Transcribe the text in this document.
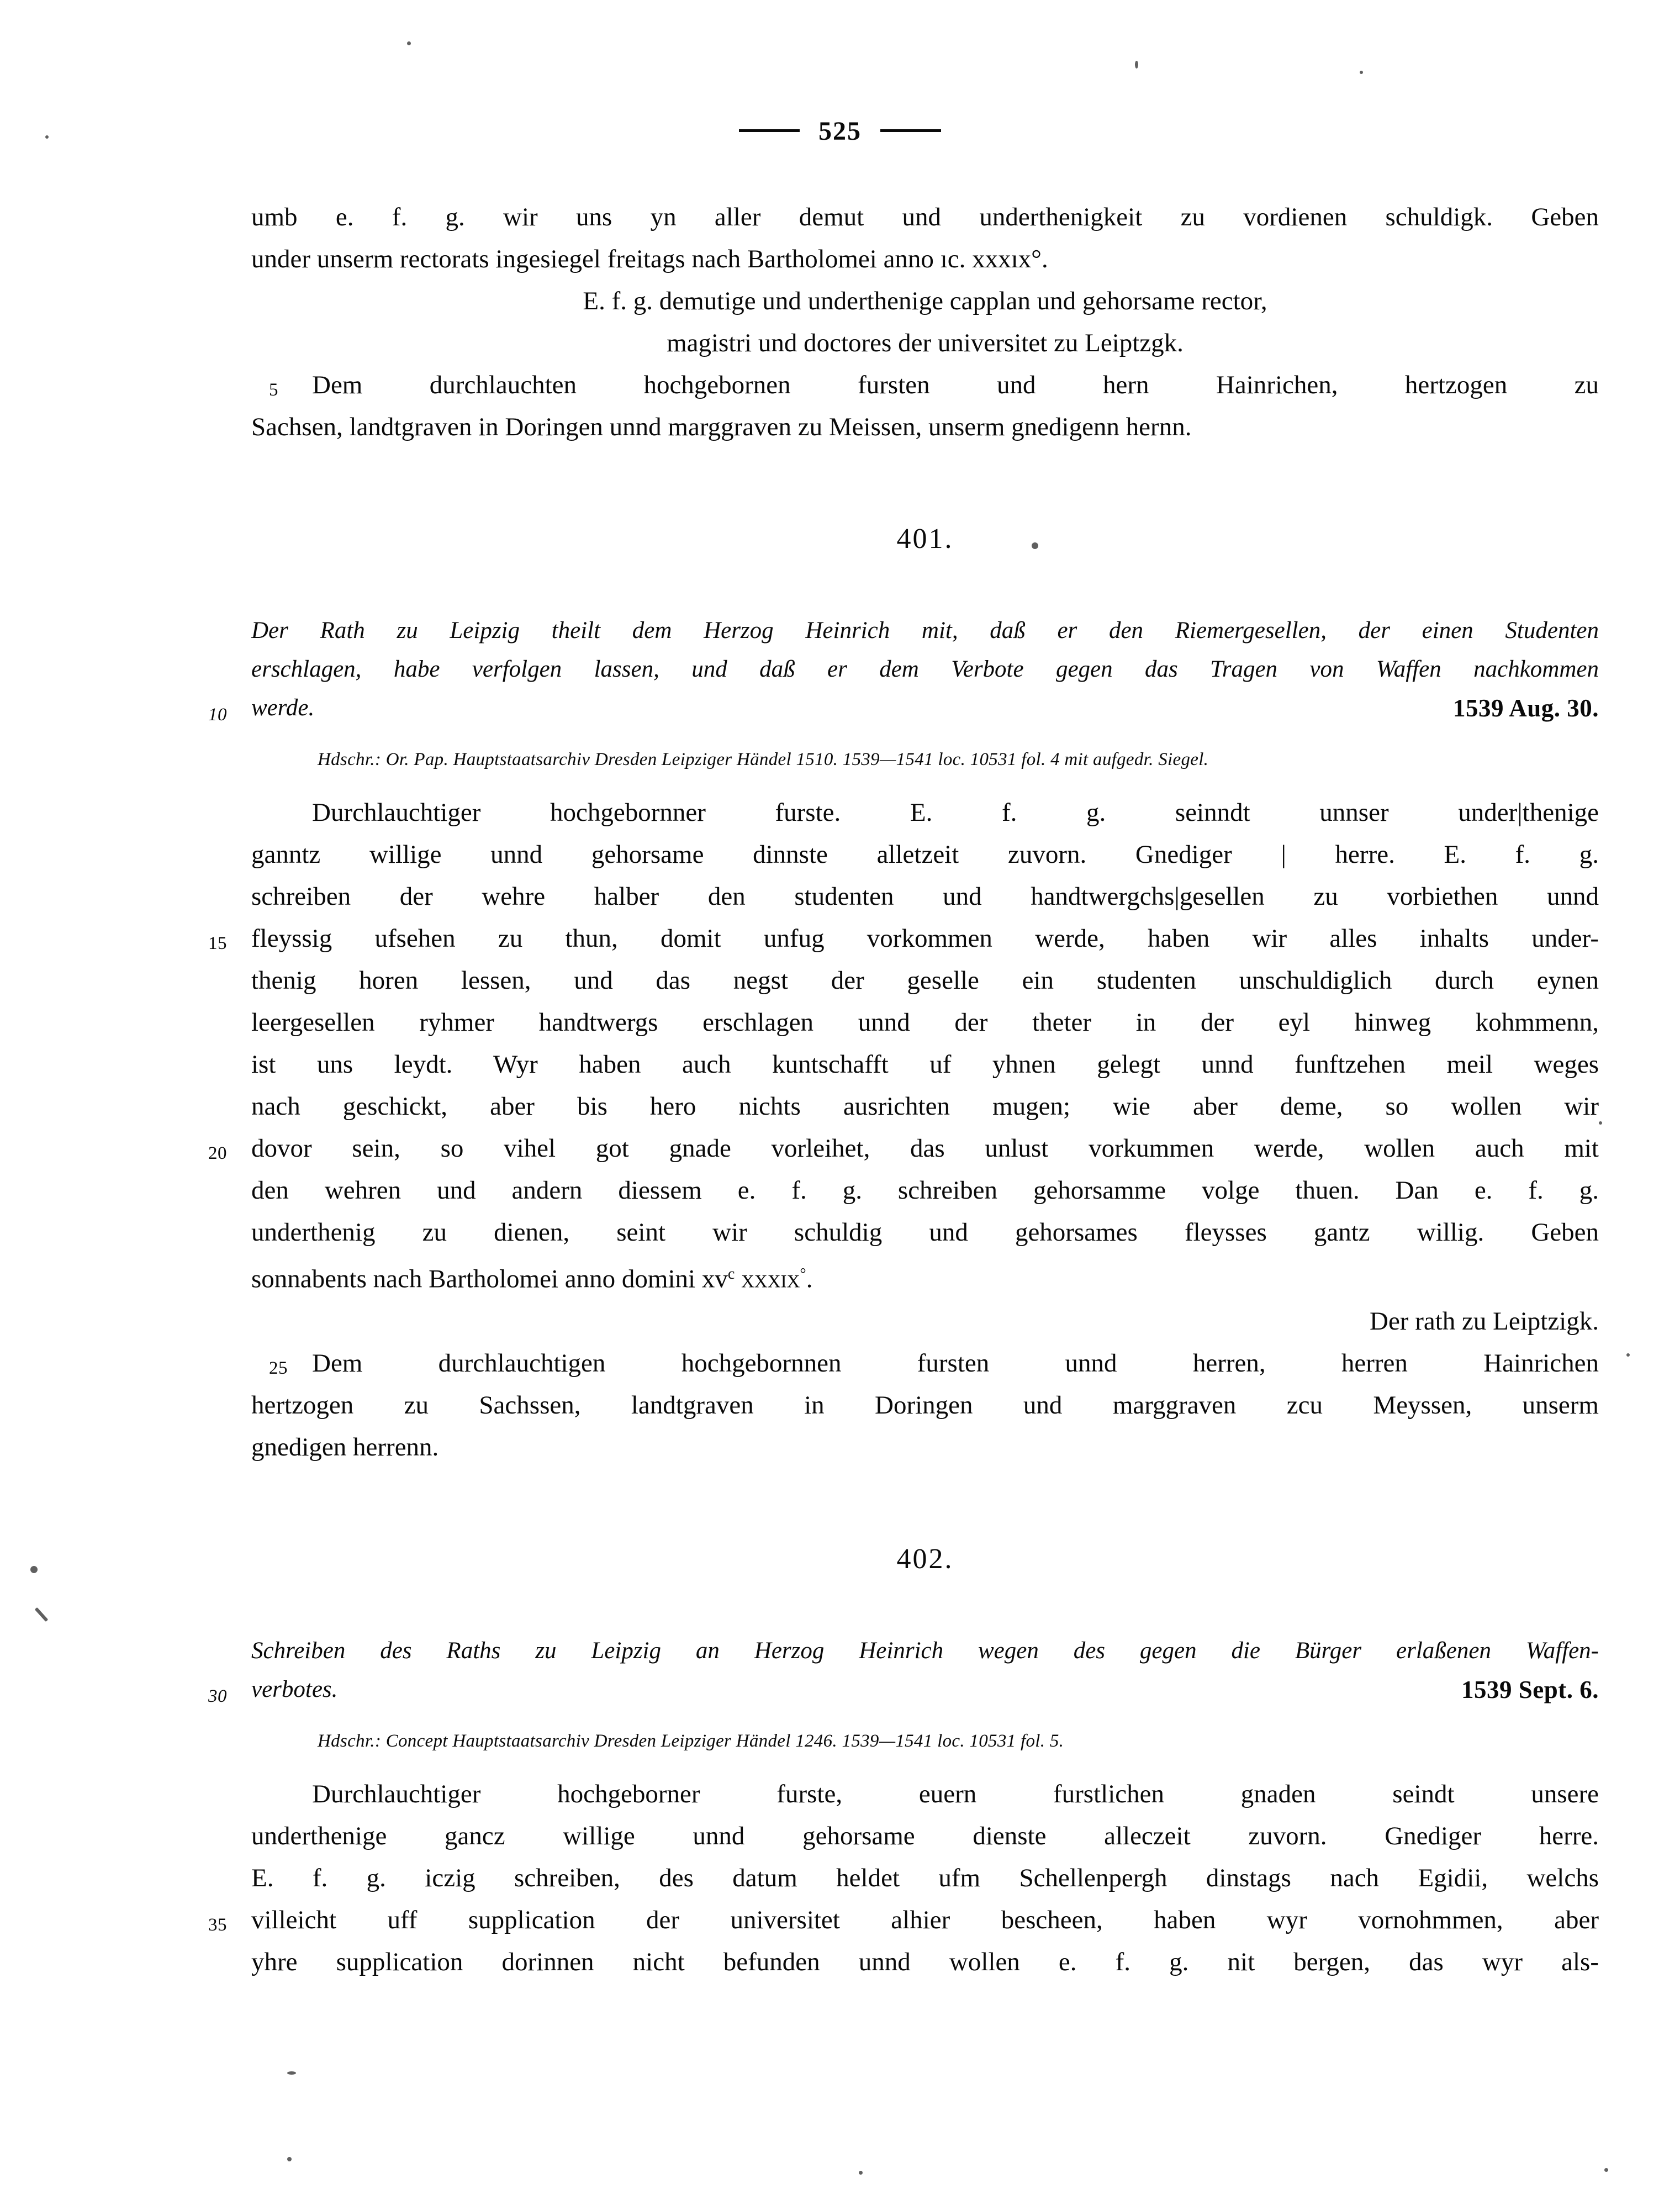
525
umb e. f. g. wir uns yn aller demut und underthenigkeit zu vordienen schuldigk. Geben
under unserm rectorats ingesiegel freitags nach Bartholomei anno ıc. xxxıx°.
E. f. g. demutige und underthenige capplan und gehorsame rector,
magistri und doctores der universitet zu Leiptzgk.
5 Dem durchlauchten hochgebornen fursten und hern Hainrichen, hertzogen zu
Sachsen, landtgraven in Doringen unnd marggraven zu Meissen, unserm gnedigenn hernn.
401.
Der Rath zu Leipzig theilt dem Herzog Heinrich mit, daß er den Riemergesellen, der einen Studenten
erschlagen, habe verfolgen lassen, und daß er dem Verbote gegen das Tragen von Waffen nachkommen
10 werde.	1539 Aug. 30.
Hdschr.: Or. Pap. Hauptstaatsarchiv Dresden Leipziger Händel 1510. 1539—1541 loc. 10531 fol. 4 mit aufgedr. Siegel.
Durchlauchtiger hochgebornner furste. E. f. g. seinndt unnser under|thenige
ganntz willige unnd gehorsame dinnste alletzeit zuvorn. Gnediger | herre. E. f. g.
schreiben der wehre halber den studenten und handtwergchs|gesellen zu vorbiethen unnd
15 fleyssig ufsehen zu thun, domit unfug vorkommen werde, haben wir alles inhalts under-
thenig horen lessen, und das negst der geselle ein studenten unschuldiglich durch eynen
leergesellen ryhmer handtwergs erschlagen unnd der theter in der eyl hinweg kohmmenn,
ist uns leydt. Wyr haben auch kuntschafft uf yhnen gelegt unnd funftzehen meil weges
nach geschickt, aber bis hero nichts ausrichten mugen; wie aber deme, so wollen wir
20 dovor sein, so vihel got gnade vorleihet, das unlust vorkummen werde, wollen auch mit
den wehren und andern diessem e. f. g. schreiben gehorsamme volge thuen. Dan e. f. g.
underthenig zu dienen, seint wir schuldig und gehorsames fleysses gantz willig. Geben
sonnabents nach Bartholomei anno domini $xv^c$ xxxıx°.
Der rath zu Leiptzigk.
25 Dem durchlauchtigen hochgebornnen fursten unnd herren, herren Hainrichen
hertzogen zu Sachssen, landtgraven in Doringen und marggraven zcu Meyssen, unserm
gnedigen herrenn.
402.
Schreiben des Raths zu Leipzig an Herzog Heinrich wegen des gegen die Bürger erlaßenen Waffen-
30 verbotes.	1539 Sept. 6.
Hdschr.: Concept Hauptstaatsarchiv Dresden Leipziger Händel 1246. 1539—1541 loc. 10531 fol. 5.
Durchlauchtiger hochgeborner furste, euern furstlichen gnaden seindt unsere
underthenige gancz willige unnd gehorsame dienste alleczeit zuvorn. Gnediger herre.
E. f. g. iczig schreiben, des datum heldet ufm Schellenpergh dinstags nach Egidii, welchs
35 villeicht uff supplication der universitet alhier bescheen, haben wyr vornohmmen, aber
yhre supplication dorinnen nicht befunden unnd wollen e. f. g. nit bergen, das wyr als-
